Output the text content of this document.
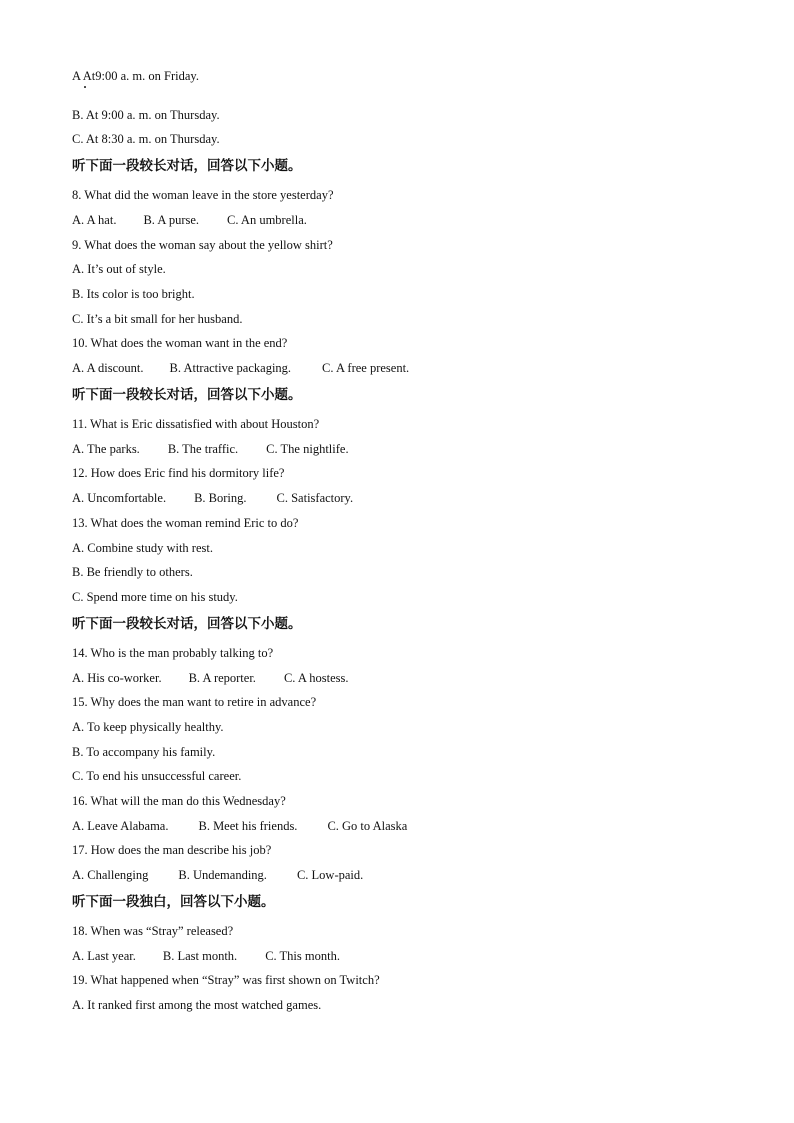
A At9:00 a. m. on Friday.
B. At 9:00 a. m. on Thursday.
C. At 8:30 a. m. on Thursday.
听下面一段较长对话，回答以下小题。
8. What did the woman leave in the store yesterday?
A. A hat. B. A purse. C. An umbrella.
9. What does the woman say about the yellow shirt?
A. It’s out of style.
B. Its color is too bright.
C. It’s a bit small for her husband.
10. What does the woman want in the end?
A. A discount. B. Attractive packaging. C. A free present.
听下面一段较长对话，回答以下小题。
11. What is Eric dissatisfied with about Houston?
A. The parks. B. The traffic. C. The nightlife.
12. How does Eric find his dormitory life?
A. Uncomfortable. B. Boring. C. Satisfactory.
13. What does the woman remind Eric to do?
A. Combine study with rest.
B. Be friendly to others.
C. Spend more time on his study.
听下面一段较长对话，回答以下小题。
14. Who is the man probably talking to?
A. His co-worker. B. A reporter. C. A hostess.
15. Why does the man want to retire in advance?
A. To keep physically healthy.
B. To accompany his family.
C. To end his unsuccessful career.
16. What will the man do this Wednesday?
A. Leave Alabama. B. Meet his friends. C. Go to Alaska
17. How does the man describe his job?
A. Challenging B. Undemanding. C. Low-paid.
听下面一段独白，回答以下小题。
18. When was “Stray” released?
A. Last year. B. Last month. C. This month.
19. What happened when “Stray” was first shown on Twitch?
A. It ranked first among the most watched games.
